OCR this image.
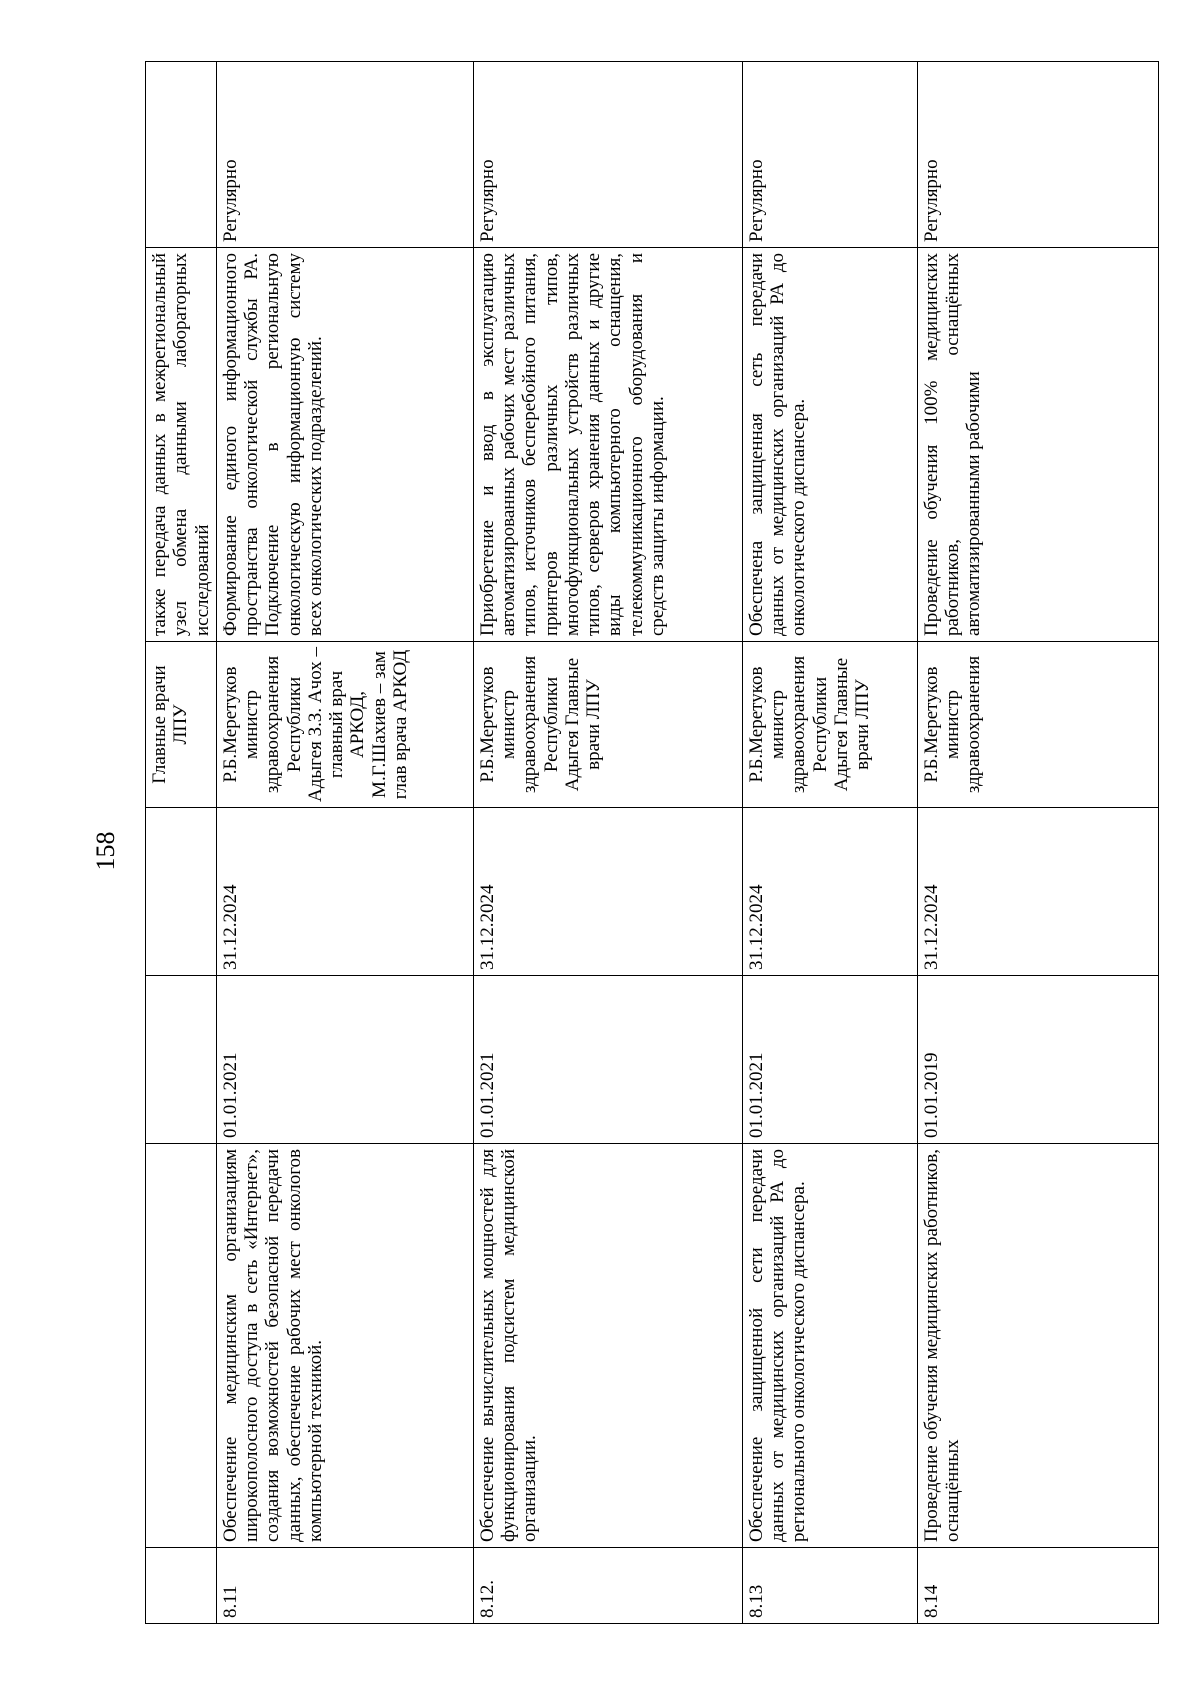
158
				Главные врачи ЛПУ	также передача данных в межрегиональный узел обмена данными лабораторных исследований	
8.11	Обеспечение медицинским организациям широкополосного доступа в сеть «Интернет», создания возможностей безопасной передачи данных, обеспечение рабочих мест онкологов компьютерной техникой.	01.01.2021	31.12.2024	Р.Б.Меретуков министр здравоохранения Республики Адыгея З.З. Ачох – главный врач АРКОД, М.Г.Шахиев – зам глав врача АРКОД	Формирование единого информационного пространства онкологической службы РА. Подключение в региональную онкологическую информационную систему всех онкологических подразделений.	Регулярно
8.12.	Обеспечение вычислительных мощностей для функционирования подсистем медицинской организации.	01.01.2021	31.12.2024	Р.Б.Меретуков министр здравоохранения Республики Адыгея Главные врачи ЛПУ	Приобретение и ввод в эксплуатацию автоматизированных рабочих мест различных типов, источников бесперебойного питания, принтеров различных типов, многофункциональных устройств различных типов, серверов хранения данных и другие виды компьютерного оснащения, телекоммуникационного оборудования и средств защиты информации.	Регулярно
8.13	Обеспечение защищенной сети передачи данных от медицинских организаций РА до регионального онкологического диспансера.	01.01.2021	31.12.2024	Р.Б.Меретуков министр здравоохранения Республики Адыгея Главные врачи ЛПУ	Обеспечена защищенная сеть передачи данных от медицинских организаций РА до онкологического диспансера.	Регулярно
8.14	Проведение обучения медицинских работников, оснащённых	01.01.2019	31.12.2024	Р.Б.Меретуков министр здравоохранения	Проведение обучения 100% медицинских работников, оснащённых автоматизированными рабочими	Регулярно
